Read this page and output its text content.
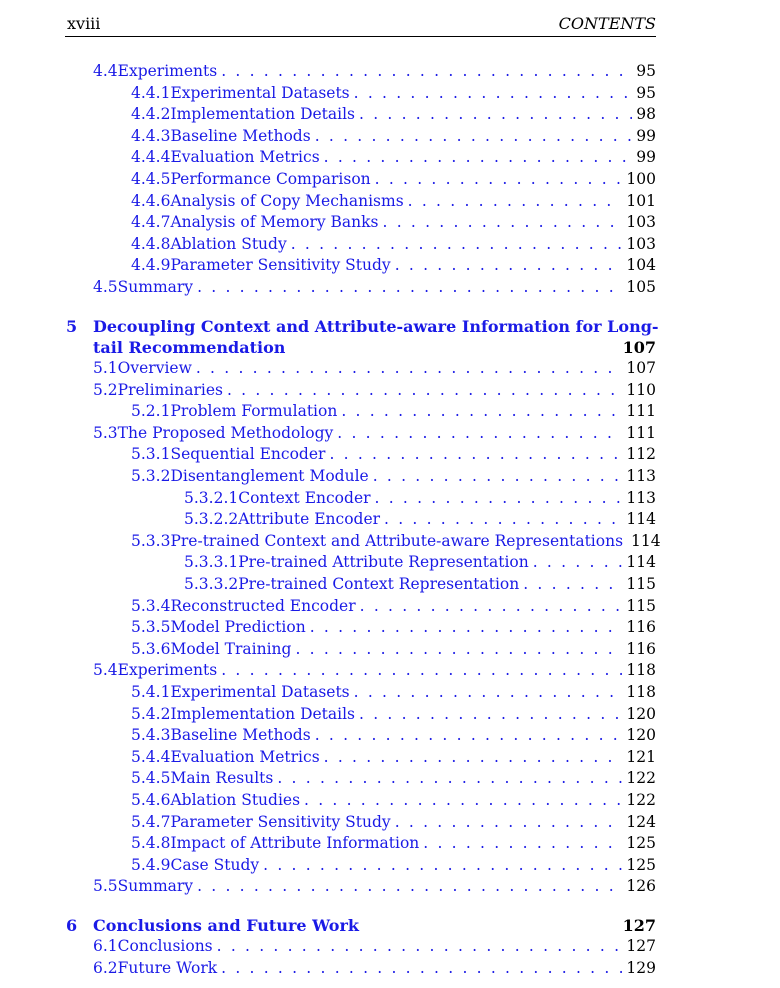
xviii	CONTENTS
4.4 Experiments . . .	95
4.4.1 Experimental Datasets . . .	95
4.4.2 Implementation Details . . .	98
4.4.3 Baseline Methods . . .	99
4.4.4 Evaluation Metrics . . .	99
4.4.5 Performance Comparison . . .	100
4.4.6 Analysis of Copy Mechanisms . . .	101
4.4.7 Analysis of Memory Banks . . .	103
4.4.8 Ablation Study . . .	103
4.4.9 Parameter Sensitivity Study . . .	104
4.5 Summary . . .	105
5 Decoupling Context and Attribute-aware Information for Long-
tail Recommendation	107
5.1 Overview . . .	107
5.2 Preliminaries . . .	110
5.2.1 Problem Formulation . . .	111
5.3 The Proposed Methodology . . .	111
5.3.1 Sequential Encoder . . .	112
5.3.2 Disentanglement Module . . .	113
5.3.2.1 Context Encoder . . .	113
5.3.2.2 Attribute Encoder . . .	114
5.3.3 Pre-trained Context and Attribute-aware Representations 114
5.3.3.1 Pre-trained Attribute Representation . . .	114
5.3.3.2 Pre-trained Context Representation . . .	115
5.3.4 Reconstructed Encoder . . .	115
5.3.5 Model Prediction . . .	116
5.3.6 Model Training . . .	116
5.4 Experiments . . .	118
5.4.1 Experimental Datasets . . .	118
5.4.2 Implementation Details . . .	120
5.4.3 Baseline Methods . . .	120
5.4.4 Evaluation Metrics . . .	121
5.4.5 Main Results . . .	122
5.4.6 Ablation Studies . . .	122
5.4.7 Parameter Sensitivity Study . . .	124
5.4.8 Impact of Attribute Information . . .	125
5.4.9 Case Study . . .	125
5.5 Summary . . .	126
6 Conclusions and Future Work	127
6.1 Conclusions . . .	127
6.2 Future Work . . .	129
